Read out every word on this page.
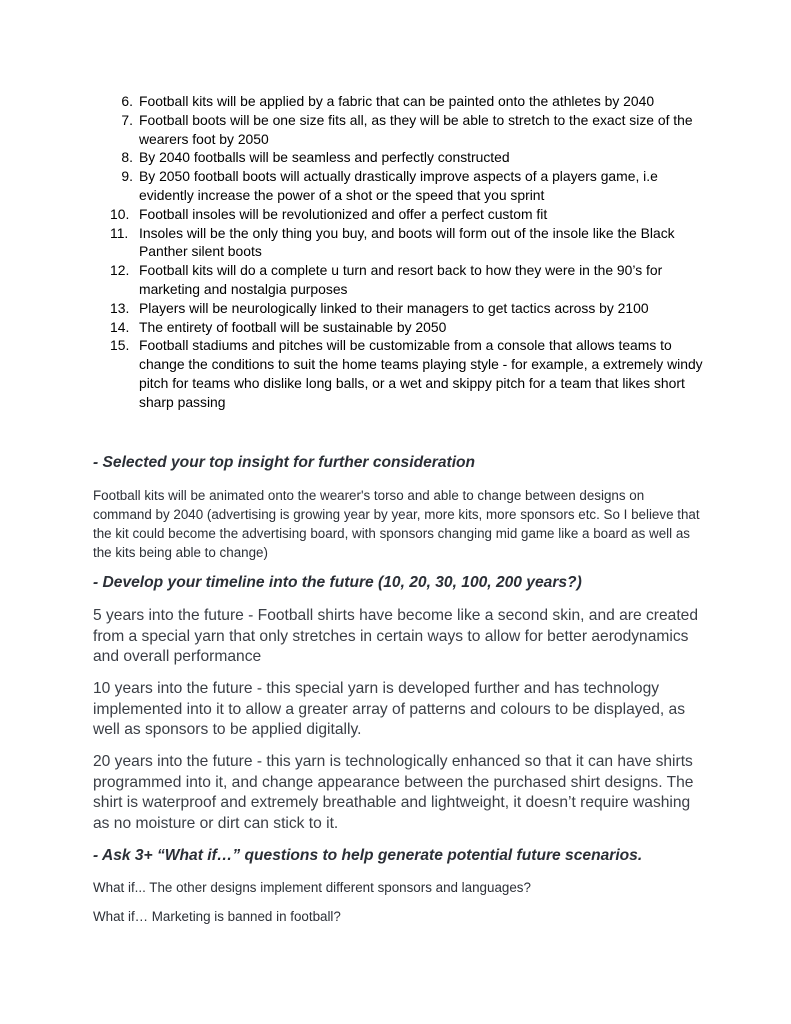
6. Football kits will be applied by a fabric that can be painted onto the athletes by 2040
7. Football boots will be one size fits all, as they will be able to stretch to the exact size of the wearers foot by 2050
8. By 2040 footballs will be seamless and perfectly constructed
9. By 2050 football boots will actually drastically improve aspects of a players game, i.e evidently increase the power of a shot or the speed that you sprint
10. Football insoles will be revolutionized and offer a perfect custom fit
11. Insoles will be the only thing you buy, and boots will form out of the insole like the Black Panther silent boots
12. Football kits will do a complete u turn and resort back to how they were in the 90’s for marketing and nostalgia purposes
13. Players will be neurologically linked to their managers to get tactics across by 2100
14. The entirety of football will be sustainable by 2050
15. Football stadiums and pitches will be customizable from a console that allows teams to change the conditions to suit the home teams playing style - for example, a extremely windy pitch for teams who dislike long balls, or a wet and skippy pitch for a team that likes short sharp passing
- Selected your top insight for further consideration

Football kits will be animated onto the wearer's torso and able to change between designs on command by 2040 (advertising is growing year by year, more kits, more sponsors etc. So I believe that the kit could become the advertising board, with sponsors changing mid game like a board as well as the kits being able to change)

- Develop your timeline into the future (10, 20, 30, 100, 200 years?)

5 years into the future - Football shirts have become like a second skin, and are created from a special yarn that only stretches in certain ways to allow for better aerodynamics and overall performance

10 years into the future - this special yarn is developed further and has technology implemented into it to allow a greater array of patterns and colours to be displayed, as well as sponsors to be applied digitally.

20 years into the future - this yarn is technologically enhanced so that it can have shirts programmed into it, and change appearance between the purchased shirt designs. The shirt is waterproof and extremely breathable and lightweight, it doesn’t require washing as no moisture or dirt can stick to it.

- Ask 3+ “What if…” questions to help generate potential future scenarios.

What if... The other designs implement different sponsors and languages?

What if… Marketing is banned in football?
